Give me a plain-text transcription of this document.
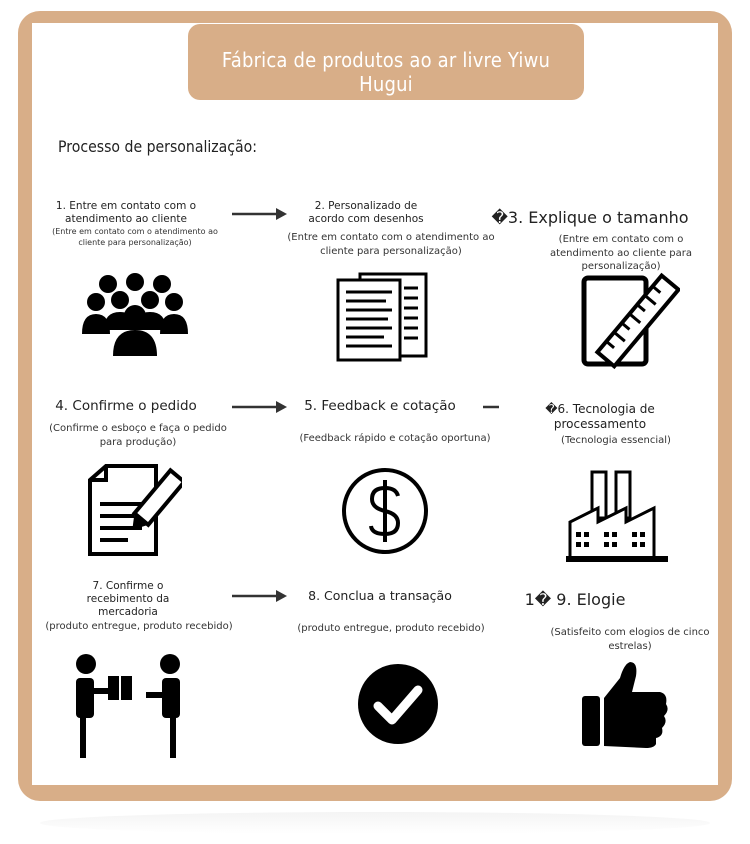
Fábrica de produtos ao ar livre Yiwu Hugui
Processo de personalização:
1. Entre em contato com o atendimento ao cliente
(Entre em contato com o atendimento ao cliente para personalização)
2. Personalizado de acordo com desenhos
(Entre em contato com o atendimento ao cliente para personalização)
�3. Explique o tamanho
(Entre em contato com o atendimento ao cliente para personalização)
4. Confirme o pedido
(Confirme o esboço e faça o pedido para produção)
5. Feedback e cotação
(Feedback rápido e cotação oportuna)
�6. Tecnologia de processamento
(Tecnologia essencial)
7. Confirme o recebimento da mercadoria
(produto entregue, produto recebido)
8. Conclua a transação
(produto entregue, produto recebido)
1� 9. Elogie
(Satisfeito com elogios de cinco estrelas)
